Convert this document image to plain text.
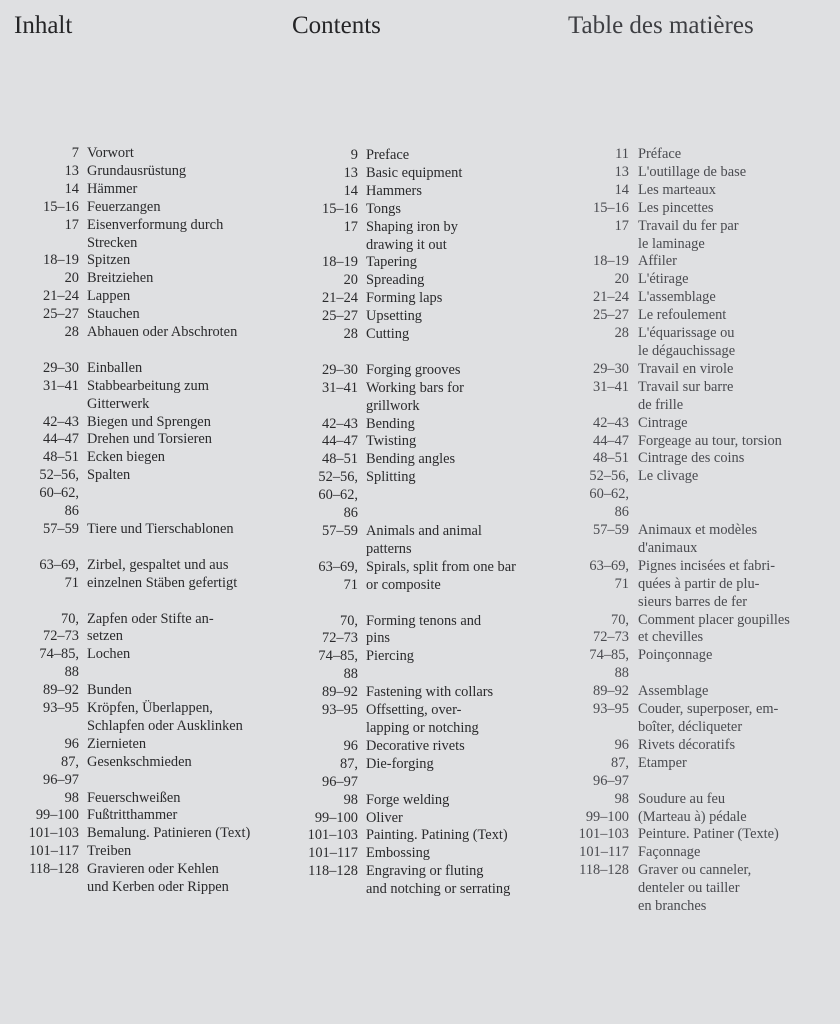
Inhalt	Contents	Table des matières
7 Vorwort
13 Grundausrüstung
14 Hämmer
15–16 Feuerzangen
17 Eisenverformung durch
Strecken
18–19 Spitzen
20 Breitziehen
21–24 Lappen
25–27 Stauchen
28 Abhauen oder Abschroten
29–30 Einballen
31–41 Stabbearbeitung zum
Gitterwerk
42–43 Biegen und Sprengen
44–47 Drehen und Torsieren
48–51 Ecken biegen
52–56,
60–62,
86
Spalten
57–59 Tiere und Tierschablonen
63–69,
71
Zirbel, gespaltet und aus
einzelnen Stäben gefertigt
70,
72–73
Zapfen oder Stifte an-
setzen
74–85,
88
Lochen
89–92 Bunden
93–95 Kröpfen, Überlappen,
Schlapfen oder Ausklinken
96 Ziernieten
87,
96–97
Gesenkschmieden
98 Feuerschweißen
99–100 Fußtritthammer
101–103 Bemalung. Patinieren (Text)
101–117 Treiben
118–128 Gravieren oder Kehlen
und Kerben oder Rippen
9 Preface
13 Basic equipment
14 Hammers
15–16 Tongs
17 Shaping iron by
drawing it out
18–19 Tapering
20 Spreading
21–24 Forming laps
25–27 Upsetting
28 Cutting
29–30 Forging grooves
31–41 Working bars for
grillwork
42–43 Bending
44–47 Twisting
48–51 Bending angles
52–56,
60–62,
86
Splitting
57–59 Animals and animal
patterns
63–69,
71
Spirals, split from one bar
or composite
70,
72–73
Forming tenons and
pins
74–85,
88
Piercing
89–92 Fastening with collars
93–95 Offsetting, over-
lapping or notching
96 Decorative rivets
87,
96–97
Die-forging
98 Forge welding
99–100 Oliver
101–103 Painting. Patining (Text)
101–117 Embossing
118–128 Engraving or fluting
and notching or serrating
11 Préface
13 L'outillage de base
14 Les marteaux
15–16 Les pincettes
17 Travail du fer par
le laminage
18–19 Affiler
20 L'étirage
21–24 L'assemblage
25–27 Le refoulement
28 L'équarissage ou
le dégauchissage
29–30 Travail en virole
31–41 Travail sur barre
de frille
42–43 Cintrage
44–47 Forgeage au tour, torsion
48–51 Cintrage des coins
52–56,
60–62,
86
Le clivage
57–59 Animaux et modèles
d'animaux
63–69,
71
Pignes incisées et fabri-
quées à partir de plu-
sieurs barres de fer
70,
72–73
Comment placer goupilles
et chevilles
74–85,
88
Poinçonnage
89–92 Assemblage
93–95 Couder, superposer, em-
boîter, décliqueter
96 Rivets décoratifs
87,
96–97
Etamper
98 Soudure au feu
99–100 (Marteau à) pédale
101–103 Peinture. Patiner (Texte)
101–117 Façonnage
118–128 Graver ou canneler,
denteler ou tailler
en branches
